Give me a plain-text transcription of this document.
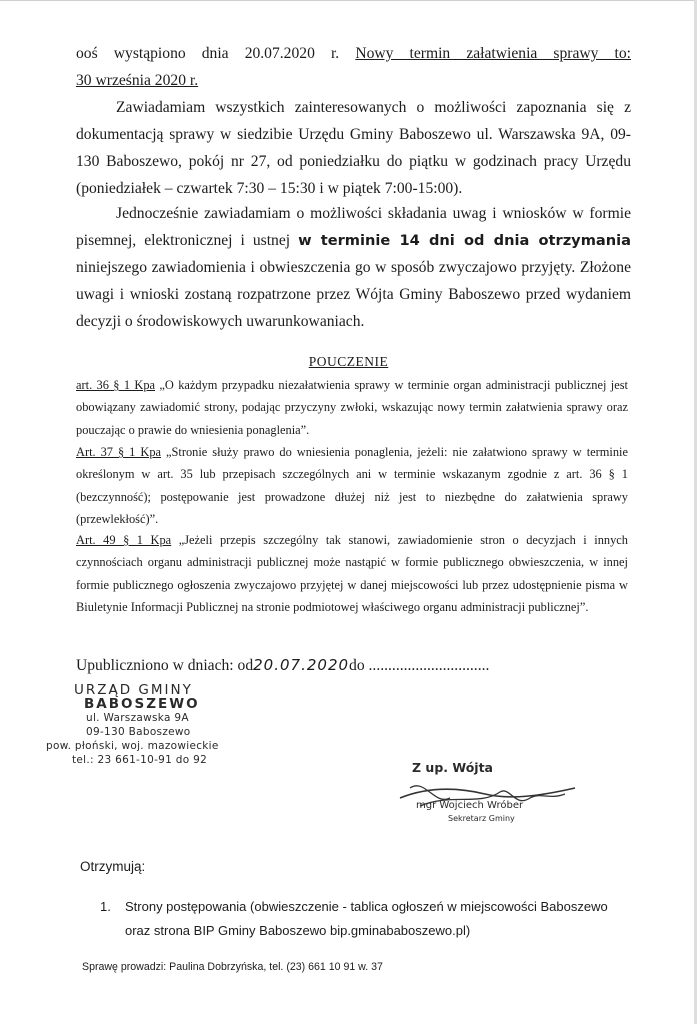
ooś wystąpiono dnia 20.07.2020 r. Nowy termin załatwienia sprawy to:
30 września 2020 r.
Zawiadamiam wszystkich zainteresowanych o możliwości zapoznania się z dokumentacją sprawy w siedzibie Urzędu Gminy Baboszewo ul. Warszawska 9A, 09-130 Baboszewo, pokój nr 27, od poniedziałku do piątku w godzinach pracy Urzędu (poniedziałek – czwartek 7:30 – 15:30 i w piątek 7:00-15:00).
Jednocześnie zawiadamiam o możliwości składania uwag i wniosków w formie pisemnej, elektronicznej i ustnej w terminie 14 dni od dnia otrzymania niniejszego zawiadomienia i obwieszczenia go w sposób zwyczajowo przyjęty. Złożone uwagi i wnioski zostaną rozpatrzone przez Wójta Gminy Baboszewo przed wydaniem decyzji o środowiskowych uwarunkowaniach.
POUCZENIE
art. 36 § 1 Kpa „O każdym przypadku niezałatwienia sprawy w terminie organ administracji publicznej jest obowiązany zawiadomić strony, podając przyczyny zwłoki, wskazując nowy termin załatwienia sprawy oraz pouczając o prawie do wniesienia ponaglenia”.
Art. 37 § 1 Kpa „Stronie służy prawo do wniesienia ponaglenia, jeżeli: nie załatwiono sprawy w terminie określonym w art. 35 lub przepisach szczególnych ani w terminie wskazanym zgodnie z art. 36 § 1 (bezczynność); postępowanie jest prowadzone dłużej niż jest to niezbędne do załatwienia sprawy (przewlekłość)”.
Art. 49 § 1 Kpa „Jeżeli przepis szczególny tak stanowi, zawiadomienie stron o decyzjach i innych czynnościach organu administracji publicznej może nastąpić w formie publicznego obwieszczenia, w innej formie publicznego ogłoszenia zwyczajowo przyjętej w danej miejscowości lub przez udostępnienie pisma w Biuletynie Informacji Publicznej na stronie podmiotowej właściwego organu administracji publicznej”.
Upubliczniono w dniach: od20.07.2020do ...............................
URZĄD GMINY
BABOSZEWO
ul. Warszawska 9A
09-130 Baboszewo
pow. płoński, woj. mazowieckie
tel.: 23 661-10-91 do 92	Z up. Wójta
mgr Wojciech Wróber
Sekretarz Gminy
Otrzymują:
1. Strony postępowania (obwieszczenie - tablica ogłoszeń w miejscowości Baboszewo oraz strona BIP Gminy Baboszewo bip.gminababoszewo.pl)
Sprawę prowadzi: Paulina Dobrzyńska, tel. (23) 661 10 91 w. 37
